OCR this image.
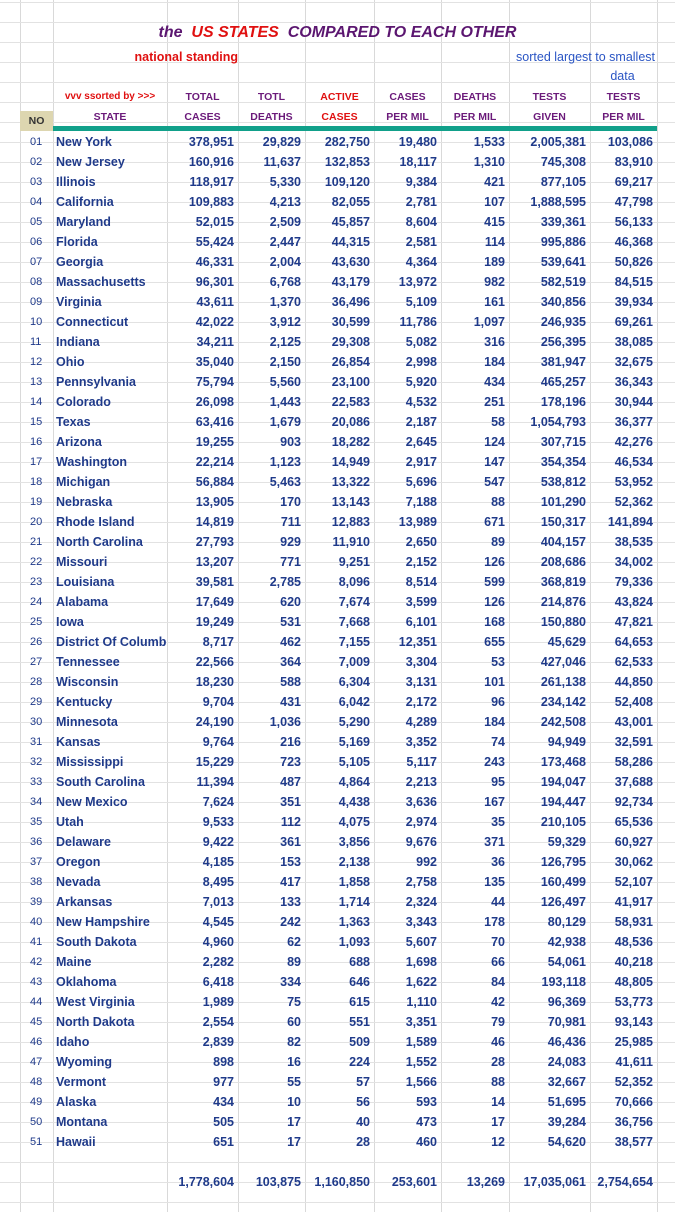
the US STATES COMPARED TO EACH OTHER
national standing	sorted largest to smallest
data
vvv ssorted by >>>	TOTAL	TOTL	ACTIVE	CASES	DEATHS	TESTS	TESTS
NO	STATE	CASES	DEATHS	CASES	PER MIL	PER MIL	GIVEN	PER MIL
01	New York	378,951	29,829	282,750	19,480	1,533	2,005,381	103,086
02	New Jersey	160,916	11,637	132,853	18,117	1,310	745,308	83,910
03	Illinois	118,917	5,330	109,120	9,384	421	877,105	69,217
04	California	109,883	4,213	82,055	2,781	107	1,888,595	47,798
05	Maryland	52,015	2,509	45,857	8,604	415	339,361	56,133
06	Florida	55,424	2,447	44,315	2,581	114	995,886	46,368
07	Georgia	46,331	2,004	43,630	4,364	189	539,641	50,826
08	Massachusetts	96,301	6,768	43,179	13,972	982	582,519	84,515
09	Virginia	43,611	1,370	36,496	5,109	161	340,856	39,934
10	Connecticut	42,022	3,912	30,599	11,786	1,097	246,935	69,261
11	Indiana	34,211	2,125	29,308	5,082	316	256,395	38,085
12	Ohio	35,040	2,150	26,854	2,998	184	381,947	32,675
13	Pennsylvania	75,794	5,560	23,100	5,920	434	465,257	36,343
14	Colorado	26,098	1,443	22,583	4,532	251	178,196	30,944
15	Texas	63,416	1,679	20,086	2,187	58	1,054,793	36,377
16	Arizona	19,255	903	18,282	2,645	124	307,715	42,276
17	Washington	22,214	1,123	14,949	2,917	147	354,354	46,534
18	Michigan	56,884	5,463	13,322	5,696	547	538,812	53,952
19	Nebraska	13,905	170	13,143	7,188	88	101,290	52,362
20	Rhode Island	14,819	711	12,883	13,989	671	150,317	141,894
21	North Carolina	27,793	929	11,910	2,650	89	404,157	38,535
22	Missouri	13,207	771	9,251	2,152	126	208,686	34,002
23	Louisiana	39,581	2,785	8,096	8,514	599	368,819	79,336
24	Alabama	17,649	620	7,674	3,599	126	214,876	43,824
25	Iowa	19,249	531	7,668	6,101	168	150,880	47,821
26	District Of Columb	8,717	462	7,155	12,351	655	45,629	64,653
27	Tennessee	22,566	364	7,009	3,304	53	427,046	62,533
28	Wisconsin	18,230	588	6,304	3,131	101	261,138	44,850
29	Kentucky	9,704	431	6,042	2,172	96	234,142	52,408
30	Minnesota	24,190	1,036	5,290	4,289	184	242,508	43,001
31	Kansas	9,764	216	5,169	3,352	74	94,949	32,591
32	Mississippi	15,229	723	5,105	5,117	243	173,468	58,286
33	South Carolina	11,394	487	4,864	2,213	95	194,047	37,688
34	New Mexico	7,624	351	4,438	3,636	167	194,447	92,734
35	Utah	9,533	112	4,075	2,974	35	210,105	65,536
36	Delaware	9,422	361	3,856	9,676	371	59,329	60,927
37	Oregon	4,185	153	2,138	992	36	126,795	30,062
38	Nevada	8,495	417	1,858	2,758	135	160,499	52,107
39	Arkansas	7,013	133	1,714	2,324	44	126,497	41,917
40	New Hampshire	4,545	242	1,363	3,343	178	80,129	58,931
41	South Dakota	4,960	62	1,093	5,607	70	42,938	48,536
42	Maine	2,282	89	688	1,698	66	54,061	40,218
43	Oklahoma	6,418	334	646	1,622	84	193,118	48,805
44	West Virginia	1,989	75	615	1,110	42	96,369	53,773
45	North Dakota	2,554	60	551	3,351	79	70,981	93,143
46	Idaho	2,839	82	509	1,589	46	46,436	25,985
47	Wyoming	898	16	224	1,552	28	24,083	41,611
48	Vermont	977	55	57	1,566	88	32,667	52,352
49	Alaska	434	10	56	593	14	51,695	70,666
50	Montana	505	17	40	473	17	39,284	36,756
51	Hawaii	651	17	28	460	12	54,620	38,577
1,778,604	103,875	1,160,850	253,601	13,269	17,035,061 2,754,654
